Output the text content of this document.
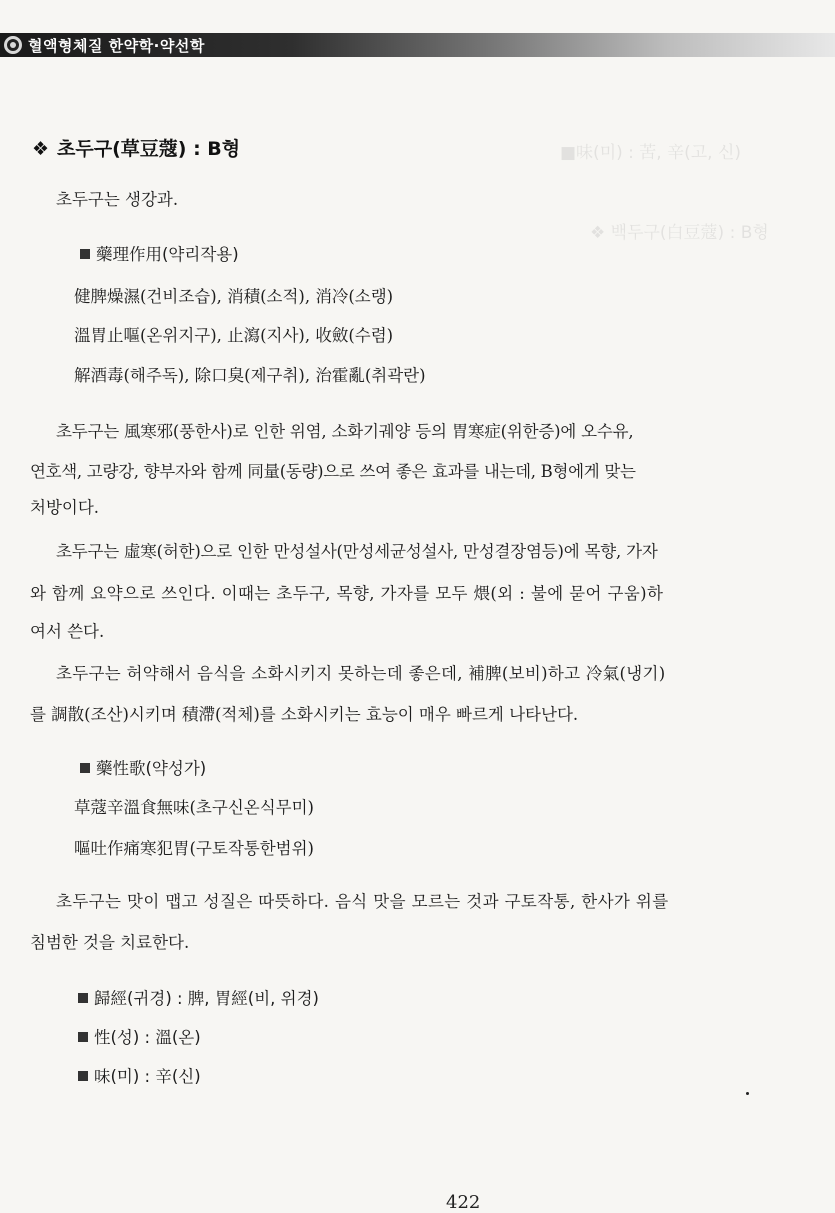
혈액형체질 한약학·약선학
■味(미) : 苦, 辛(고, 신)
❖ 백두구(白豆蔻) : B형
❖ 초두구(草豆蔻) : B형
초두구는 생강과.
藥理作用(약리작용)
健脾燥濕(건비조습), 消積(소적), 消冷(소랭)
溫胃止嘔(온위지구), 止瀉(지사), 收斂(수렴)
解酒毒(해주독), 除口臭(제구취), 治霍亂(취곽란)
초두구는 風寒邪(풍한사)로 인한 위염, 소화기궤양 등의 胃寒症(위한증)에 오수유,
연호색, 고량강, 향부자와 함께 同量(동량)으로 쓰여 좋은 효과를 내는데, B형에게 맞는
처방이다.
초두구는 虛寒(허한)으로 인한 만성설사(만성세균성설사, 만성결장염등)에 목향, 가자
와 함께 요약으로 쓰인다. 이때는 초두구, 목향, 가자를 모두 煨(외 : 불에 묻어 구움)하
여서 쓴다.
초두구는 허약해서 음식을 소화시키지 못하는데 좋은데, 補脾(보비)하고 冷氣(냉기)
를 調散(조산)시키며 積滯(적체)를 소화시키는 효능이 매우 빠르게 나타난다.
藥性歌(약성가)
草蔻辛溫食無味(초구신온식무미)
嘔吐作痛寒犯胃(구토작통한범위)
초두구는 맛이 맵고 성질은 따뜻하다. 음식 맛을 모르는 것과 구토작통, 한사가 위를
침범한 것을 치료한다.
歸經(귀경) : 脾, 胃經(비, 위경)
性(성) : 溫(온)
味(미) : 辛(신)
422
